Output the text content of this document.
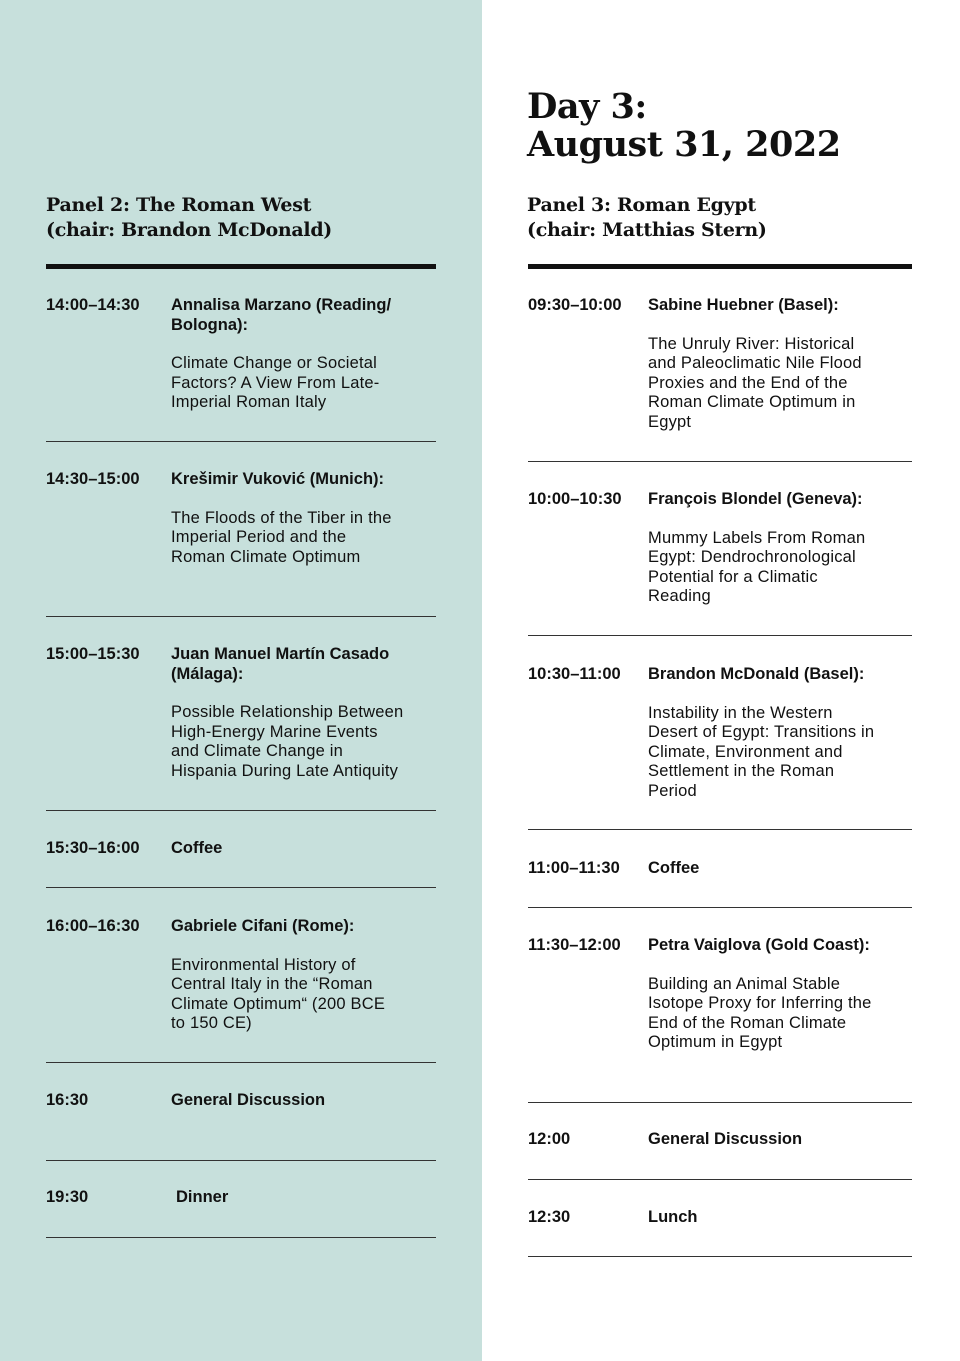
Day 3:
August 31, 2022
Panel 2: The Roman West
(chair: Brandon McDonald)
Panel 3: Roman Egypt
(chair: Matthias Stern)
14:00–14:30 Annalisa Marzano (Reading/
Bologna):
Climate Change or Societal
Factors? A View From Late-
Imperial Roman Italy
14:30–15:00 Krešimir Vuković (Munich):
The Floods of the Tiber in the
Imperial Period and the
Roman Climate Optimum
15:00–15:30 Juan Manuel Martín Casado
(Málaga):
Possible Relationship Between
High-Energy Marine Events
and Climate Change in
Hispania During Late Antiquity
15:30–16:00 Coffee
16:00–16:30 Gabriele Cifani (Rome):
Environmental History of
Central Italy in the “Roman
Climate Optimum“ (200 BCE
to 150 CE)
16:30	General Discussion
19:30	Dinner
09:30–10:00 Sabine Huebner (Basel):
The Unruly River: Historical
and Paleoclimatic Nile Flood
Proxies and the End of the
Roman Climate Optimum in
Egypt
10:00–10:30 François Blondel (Geneva):
Mummy Labels From Roman
Egypt: Dendrochronological
Potential for a Climatic
Reading
10:30–11:00 Brandon McDonald (Basel):
Instability in the Western
Desert of Egypt: Transitions in
Climate, Environment and
Settlement in the Roman
Period
11:00–11:30 Coffee
11:30–12:00 Petra Vaiglova (Gold Coast):
Building an Animal Stable
Isotope Proxy for Inferring the
End of the Roman Climate
Optimum in Egypt
12:00	General Discussion
12:30	Lunch
